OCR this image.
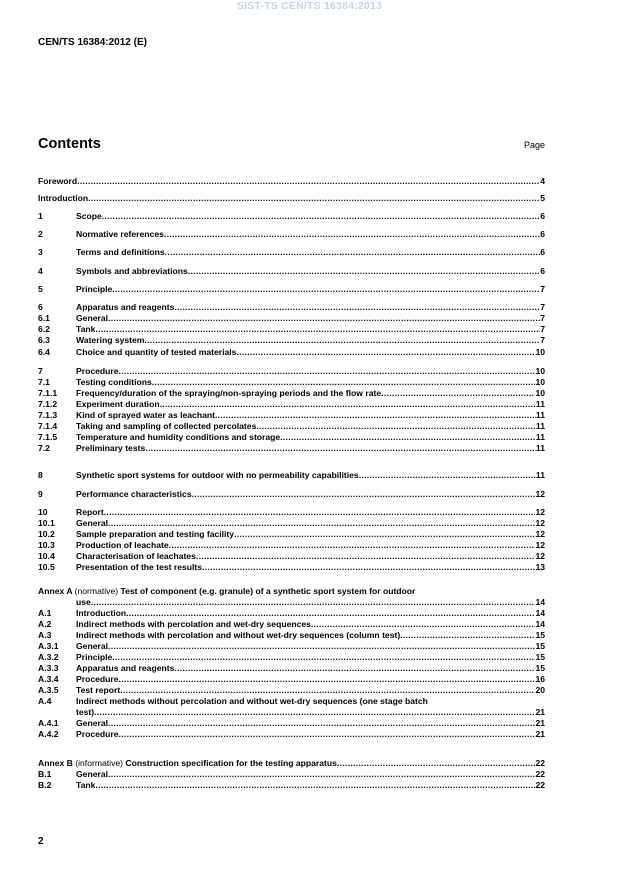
SIST-TS CEN/TS 16384:2013
CEN/TS 16384:2012 (E)
Contents	Page
Foreword .....	4
Introduction .....	5
1	Scope .....	6
2	Normative references .....	6
3	Terms and definitions .....	6
4	Symbols and abbreviations .....	6
5	Principle .....	7
6	Apparatus and reagents .....	7
6.1	General .....	7
6.2	Tank .....	7
6.3	Watering system .....	7
6.4	Choice and quantity of tested materials .....	10
7	Procedure .....	10
7.1	Testing conditions .....	10
7.1.1 Frequency/duration of the spraying/non-spraying periods and the flow rate .....	10
7.1.2 Experiment duration .....	11
7.1.3 Kind of sprayed water as leachant .....	11
7.1.4 Taking and sampling of collected percolates .....	11
7.1.5 Temperature and humidity conditions and storage .....	11
7.2	Preliminary tests .....	11
8	Synthetic sport systems for outdoor with no permeability capabilities .....	11
9	Performance characteristics .....	12
10	Report .....	12
10.1 General .....	12
10.2 Sample preparation and testing facility .....	12
10.3 Production of leachate .....	12
10.4 Characterisation of leachates .....	12
10.5 Presentation of the test results .....	13
Annex A (normative) Test of component (e.g. granule) of a synthetic sport system for outdoor
use .....	14
A.1	Introduction .....	14
A.2	Indirect methods with percolation and wet-dry sequences .....	14
A.3	Indirect methods with percolation and without wet-dry sequences (column test) .....	15
A.3.1 General .....	15
A.3.2 Principle .....	15
A.3.3 Apparatus and reagents .....	15
A.3.4 Procedure .....	16
A.3.5 Test report .....	20
A.4	Indirect methods without percolation and without wet-dry sequences (one stage batch
test) .....	21
A.4.1 General .....	21
A.4.2 Procedure .....	21
Annex B (informative) Construction specification for the testing apparatus .....	22
B.1	General .....	22
B.2	Tank .....	22
2
